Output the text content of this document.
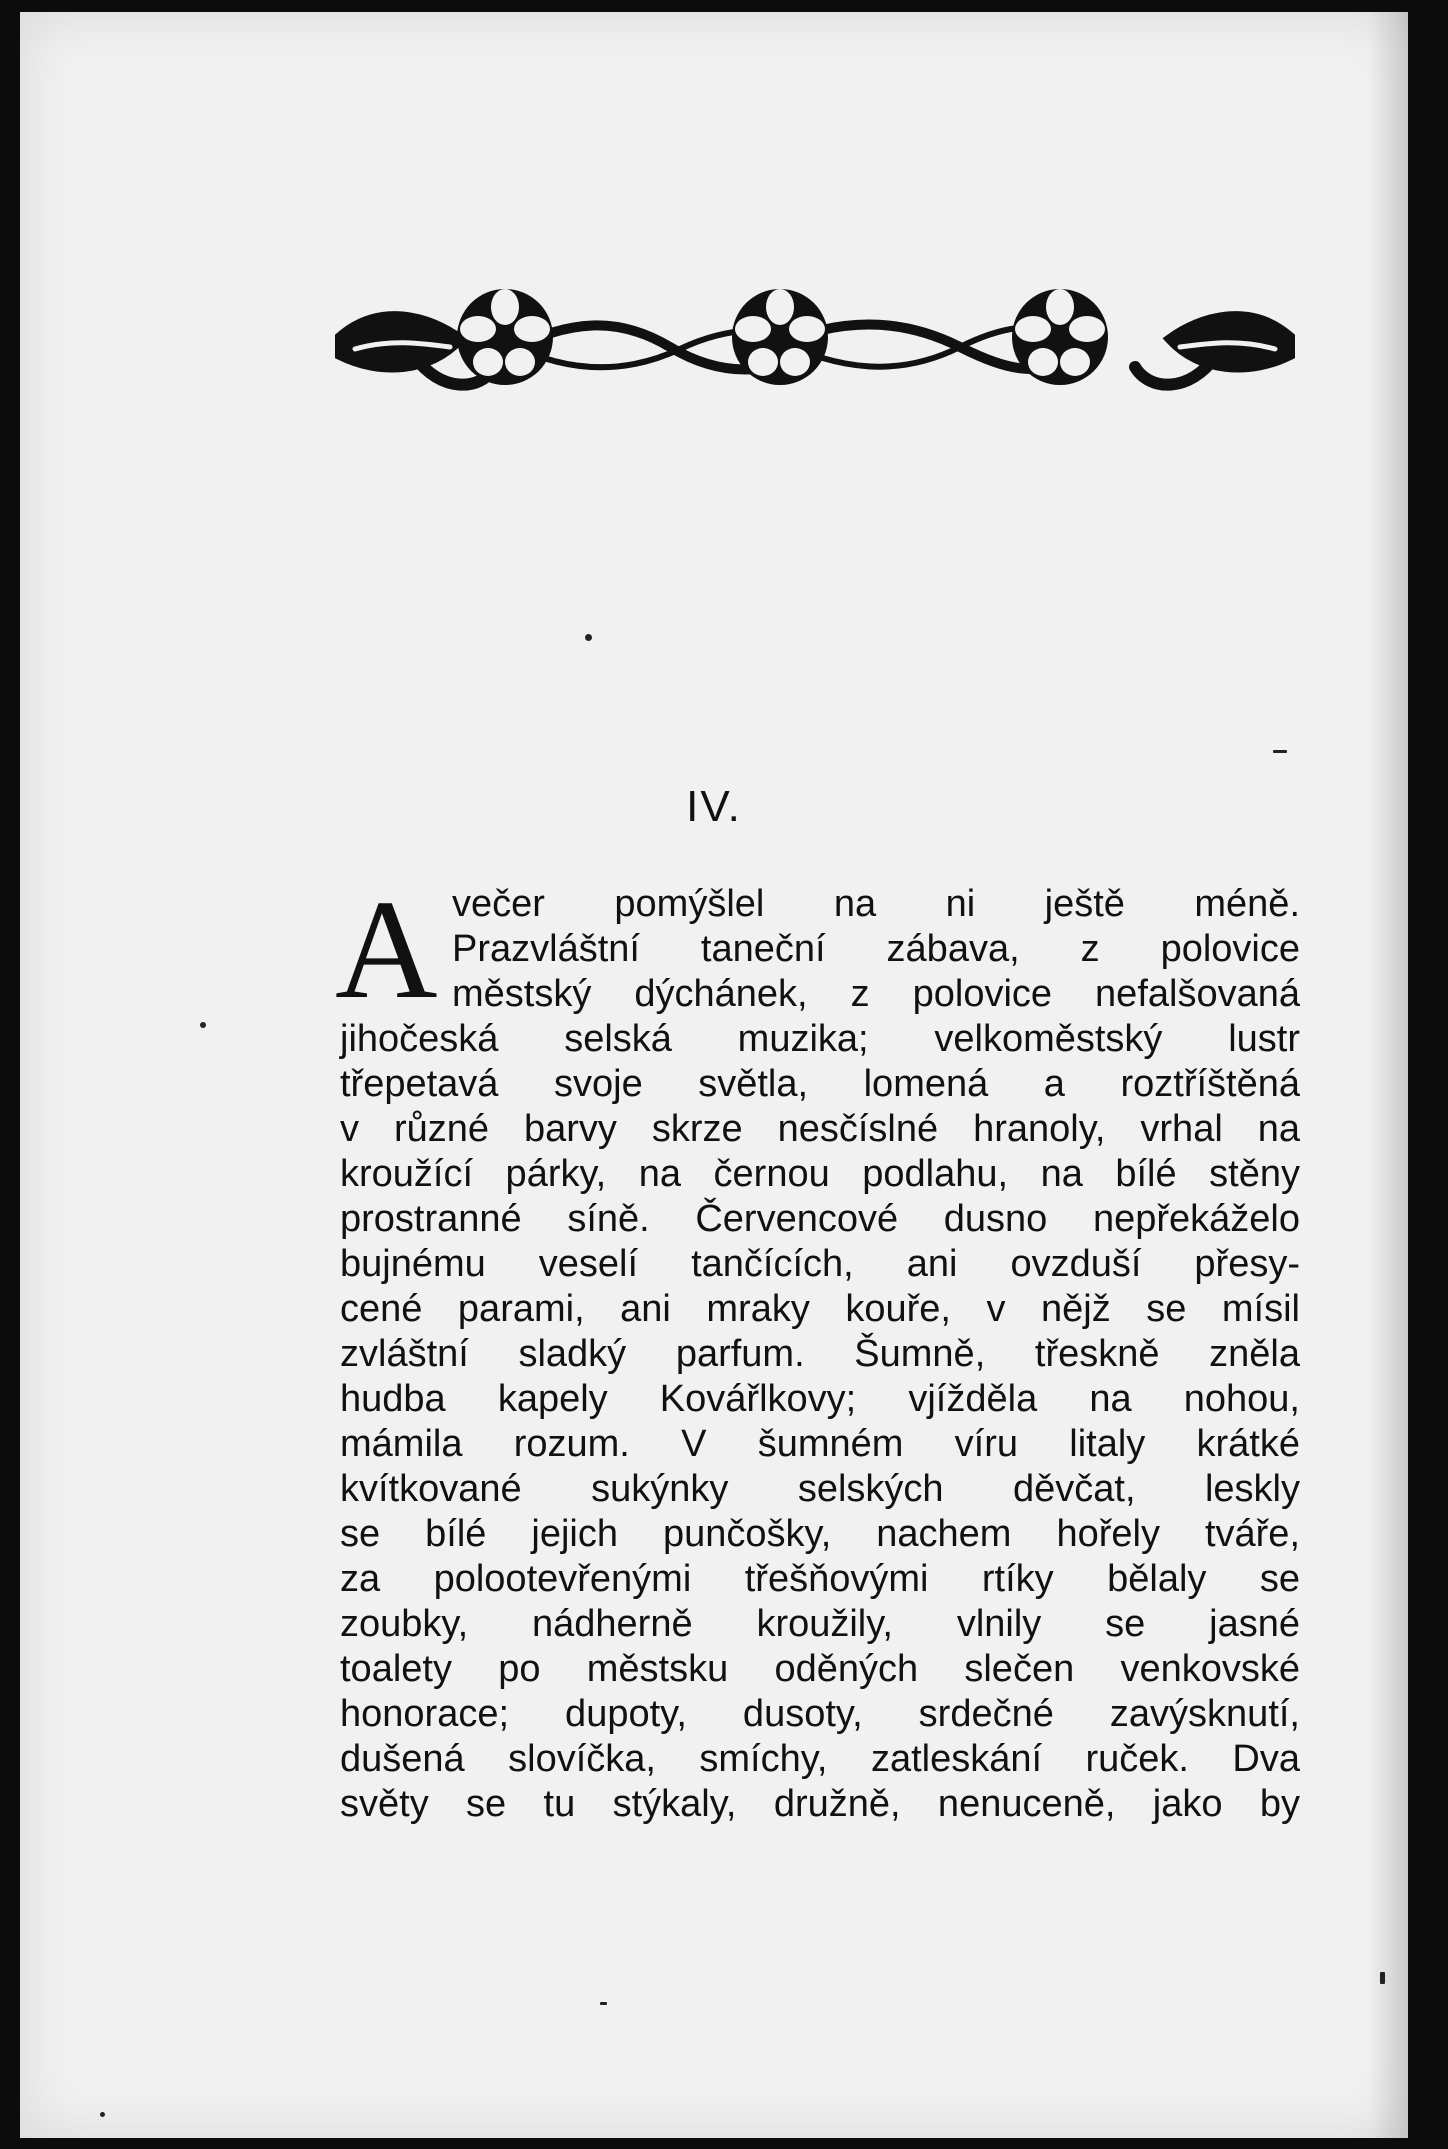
IV.
A večer pomýšlel na ni ještě méně.
Prazvláštní taneční zábava, z polovice
městský dýchánek, z polovice nefalšovaná
jihočeská selská muzika; velkoměstský lustr
třepetavá svoje světla, lomená a roztříštěná
v různé barvy skrze nesčíslné hranoly, vrhal na
kroužící párky, na černou podlahu, na bílé stěny
prostranné síně. Červencové dusno nepřekáželo
bujnému veselí tančících, ani ovzduší přesy-
cené parami, ani mraky kouře, v nějž se mísil
zvláštní sladký parfum. Šumně, třeskně zněla
hudba kapely Kovářlkovy; vjížděla na nohou,
mámila rozum. V šumném víru litaly krátké
kvítkované sukýnky selských děvčat, leskly
se bílé jejich punčošky, nachem hořely tváře,
za polootevřenými třešňovými rtíky bělaly se
zoubky, nádherně kroužily, vlnily se jasné
toalety po městsku oděných slečen venkovské
honorace; dupoty, dusoty, srdečné zavýsknutí,
dušená slovíčka, smíchy, zatleskání ruček. Dva
světy se tu stýkaly, družně, nenuceně, jako by
